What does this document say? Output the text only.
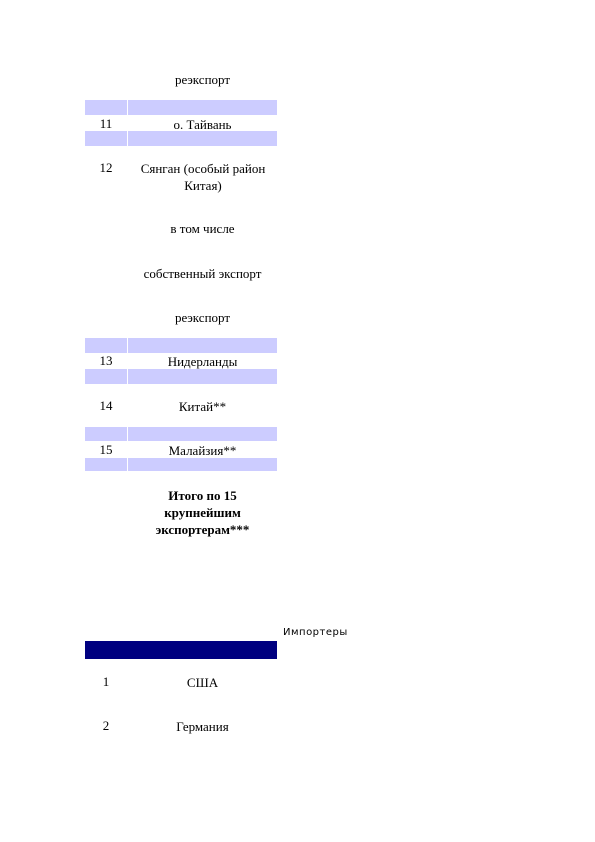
реэкспорт
11	о. Тайвань
12	Сянган (особый район Китая)
в том числе
собственный экспорт
реэкспорт
13	Нидерланды
14	Китай**
15	Малайзия**
Итого по 15 крупнейшим экспортерам***
Импортеры
1	США
2	Германия
